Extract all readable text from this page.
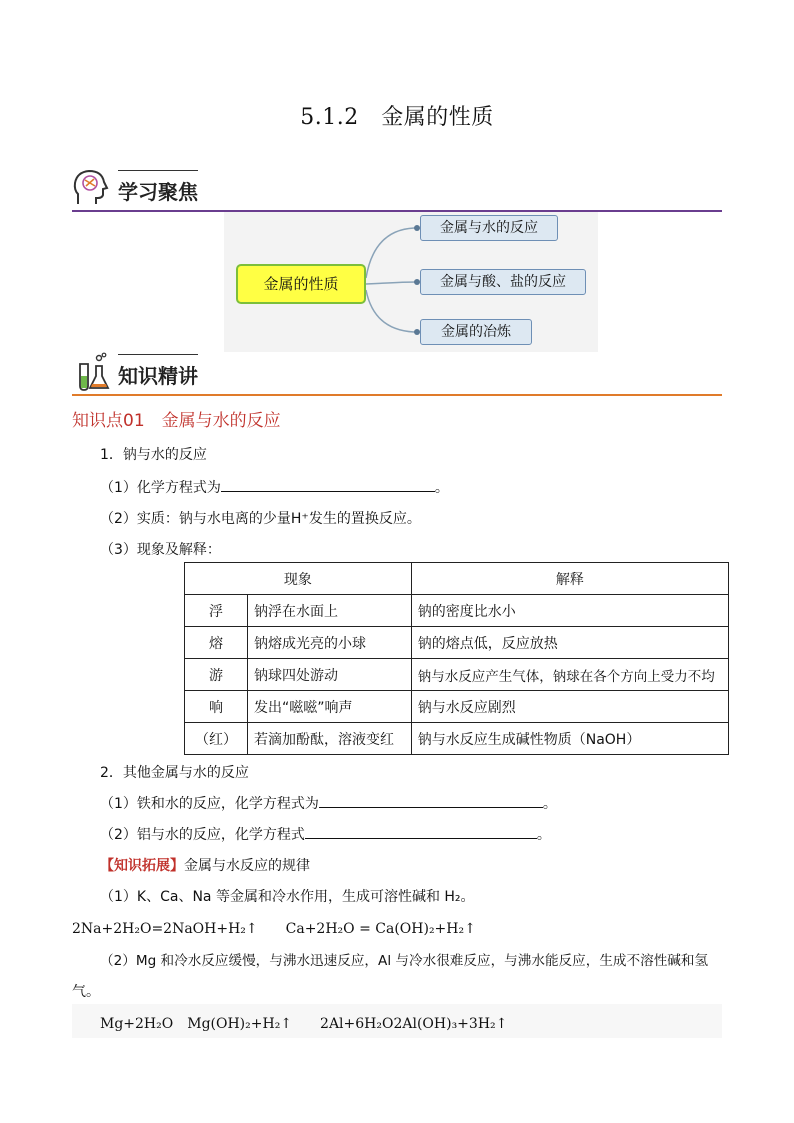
5.1.2　金属的性质
学习聚焦
金属的性质
金属与水的反应
金属与酸、盐的反应
金属的冶炼
知识精讲
知识点01　金属与水的反应
1．钠与水的反应
（1）化学方程式为	。
（2）实质：钠与水电离的少量H⁺发生的置换反应。
（3）现象及解释：
现象		解释
浮	钠浮在水面上	钠的密度比水小
熔	钠熔成光亮的小球	钠的熔点低，反应放热
游	钠球四处游动	钠与水反应产生气体，钠球在各个方向上受力不均
响	发出“嗞嗞”响声	钠与水反应剧烈
（红）	若滴加酚酞，溶液变红	钠与水反应生成碱性物质（NaOH）
2．其他金属与水的反应
（1）铁和水的反应，化学方程式为	。
（2）铝与水的反应，化学方程式	。
【知识拓展】金属与水反应的规律
（1）K、Ca、Na 等金属和冷水作用，生成可溶性碱和 H₂。
2Na+2H₂O=2NaOH+H₂↑　　Ca+2H₂O = Ca(OH)₂+H₂↑
（2）Mg 和冷水反应缓慢，与沸水迅速反应，Al 与冷水很难反应，与沸水能反应，生成不溶性碱和氢
气。
Mg+2H₂O　Mg(OH)₂+H₂↑　　2Al+6H₂O2Al(OH)₃+3H₂↑
